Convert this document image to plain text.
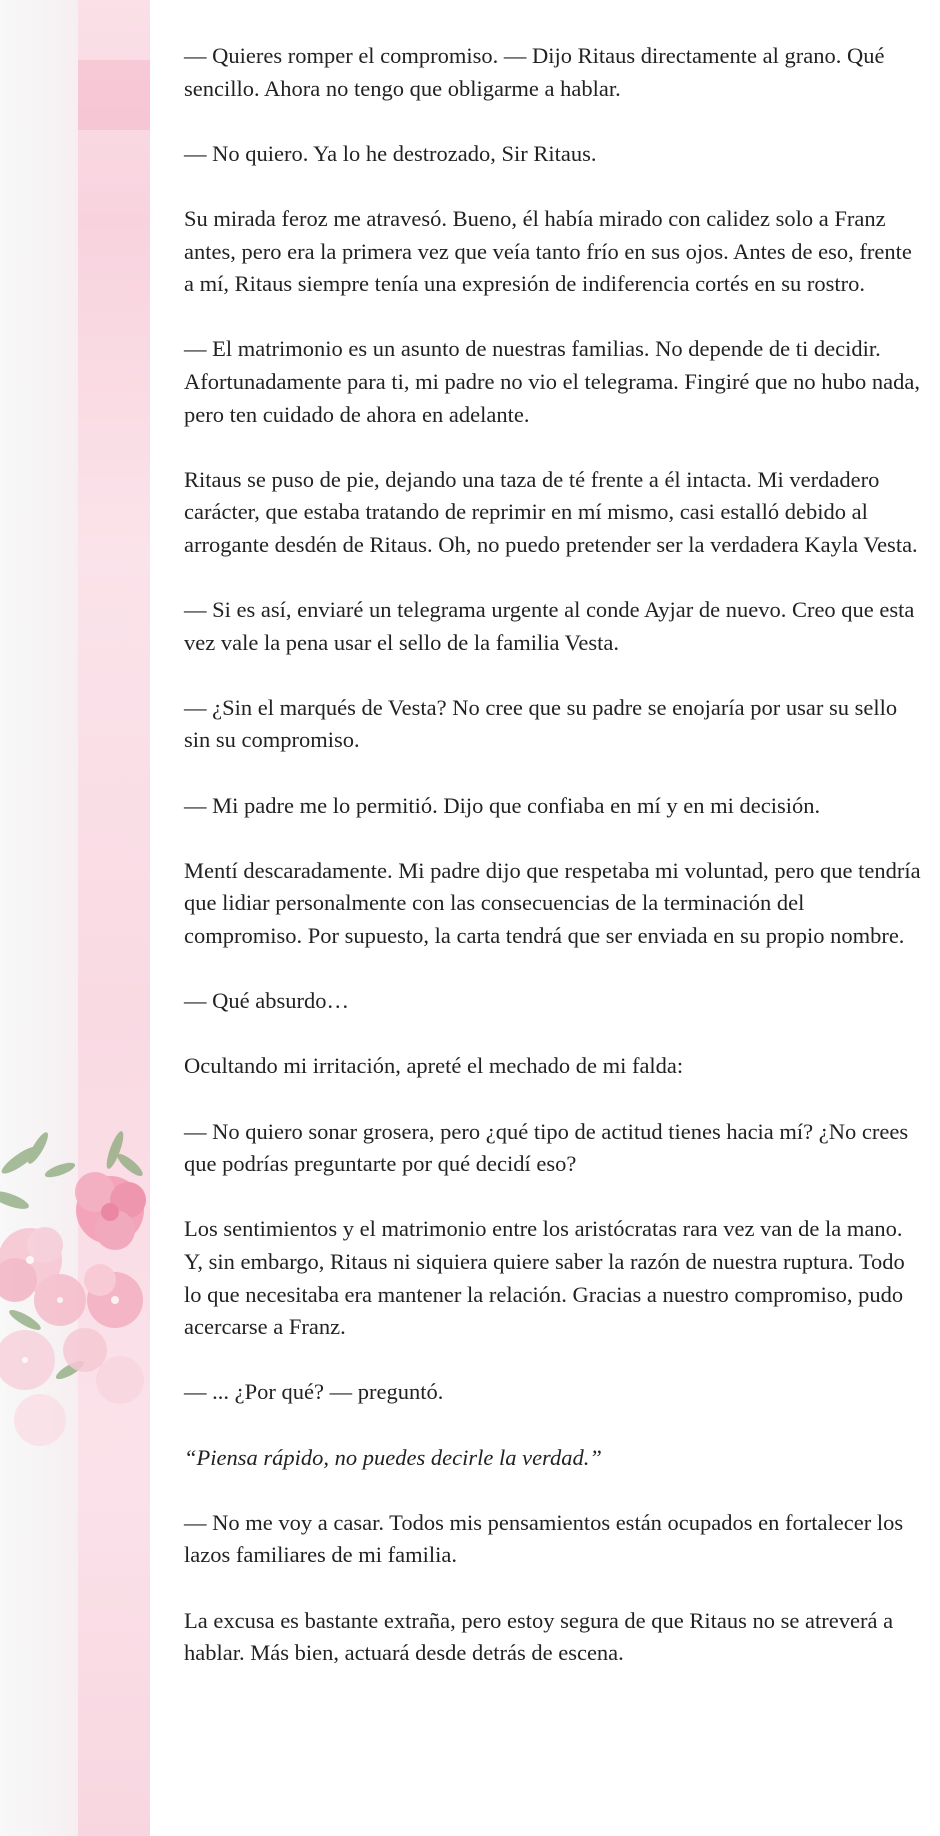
— Quieres romper el compromiso. — Dijo Ritaus directamente al grano. Qué sencillo. Ahora no tengo que obligarme a hablar.

— No quiero. Ya lo he destrozado, Sir Ritaus.

Su mirada feroz me atravesó. Bueno, él había mirado con calidez solo a Franz antes, pero era la primera vez que veía tanto frío en sus ojos. Antes de eso, frente a mí, Ritaus siempre tenía una expresión de indiferencia cortés en su rostro.

— El matrimonio es un asunto de nuestras familias. No depende de ti decidir. Afortunadamente para ti, mi padre no vio el telegrama. Fingiré que no hubo nada, pero ten cuidado de ahora en adelante.

Ritaus se puso de pie, dejando una taza de té frente a él intacta. Mi verdadero carácter, que estaba tratando de reprimir en mí mismo, casi estalló debido al arrogante desdén de Ritaus. Oh, no puedo pretender ser la verdadera Kayla Vesta.

— Si es así, enviaré un telegrama urgente al conde Ayjar de nuevo. Creo que esta vez vale la pena usar el sello de la familia Vesta.

— ¿Sin el marqués de Vesta? No cree que su padre se enojaría por usar su sello sin su compromiso.

— Mi padre me lo permitió. Dijo que confiaba en mí y en mi decisión.

Mentí descaradamente. Mi padre dijo que respetaba mi voluntad, pero que tendría que lidiar personalmente con las consecuencias de la terminación del compromiso. Por supuesto, la carta tendrá que ser enviada en su propio nombre.

— Qué absurdo…

Ocultando mi irritación, apreté el mechado de mi falda:

— No quiero sonar grosera, pero ¿qué tipo de actitud tienes hacia mí? ¿No crees que podrías preguntarte por qué decidí eso?

Los sentimientos y el matrimonio entre los aristócratas rara vez van de la mano. Y, sin embargo, Ritaus ni siquiera quiere saber la razón de nuestra ruptura. Todo lo que necesitaba era mantener la relación. Gracias a nuestro compromiso, pudo acercarse a Franz.

— ... ¿Por qué? — preguntó.

“Piensa rápido, no puedes decirle la verdad.”

— No me voy a casar. Todos mis pensamientos están ocupados en fortalecer los lazos familiares de mi familia.

La excusa es bastante extraña, pero estoy segura de que Ritaus no se atreverá a hablar. Más bien, actuará desde detrás de escena.
